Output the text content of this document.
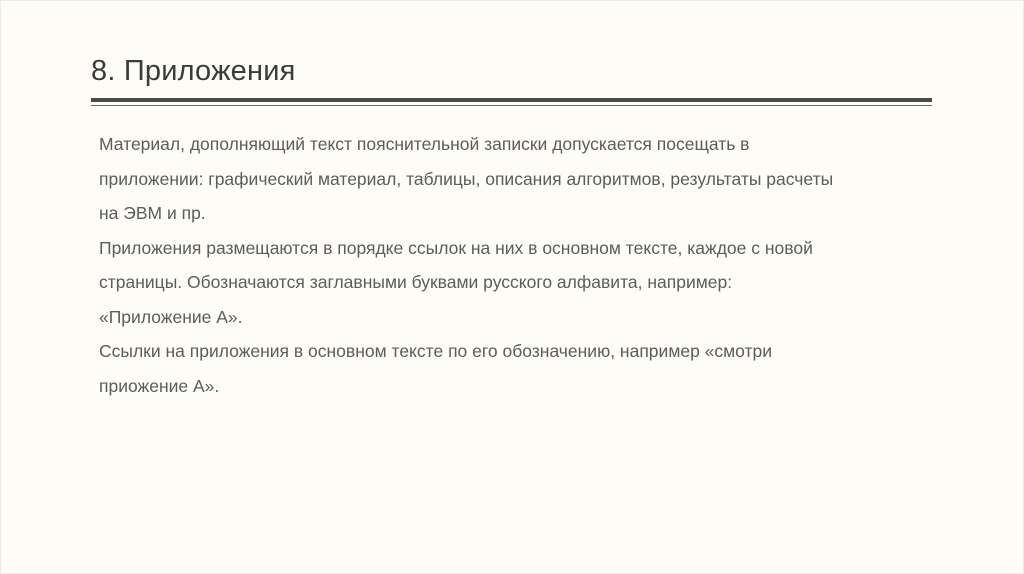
8. Приложения
Материал, дополняющий текст пояснительной записки допускается посещать в
приложении: графический материал, таблицы, описания алгоритмов, результаты расчеты
на ЭВМ и пр.
Приложения размещаются в порядке ссылок на них в основном тексте, каждое с новой
страницы. Обозначаются заглавными буквами русского алфавита, например:
«Приложение А».
Ссылки на приложения в основном тексте по его обозначению, например «смотри
приожение А».
